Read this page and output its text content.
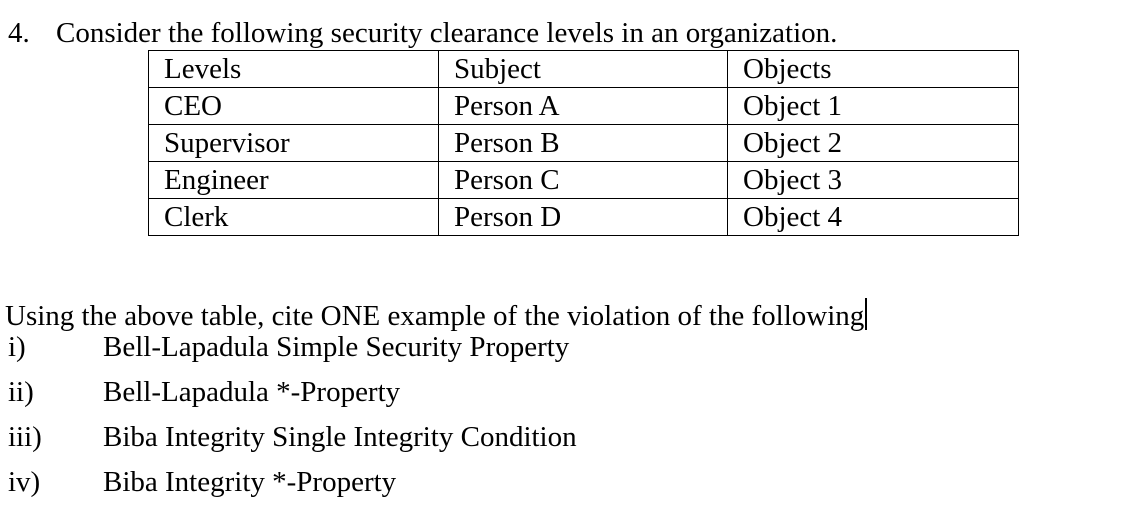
4. Consider the following security clearance levels in an organization.
Levels	Subject	Objects
CEO	Person A	Object 1
Supervisor	Person B	Object 2
Engineer	Person C	Object 3
Clerk	Person D	Object 4
Using the above table, cite ONE example of the violation of the following
i)	Bell-Lapadula Simple Security Property
ii) Bell-Lapadula *-Property
iii) Biba Integrity Single Integrity Condition
iv) Biba Integrity *-Property
